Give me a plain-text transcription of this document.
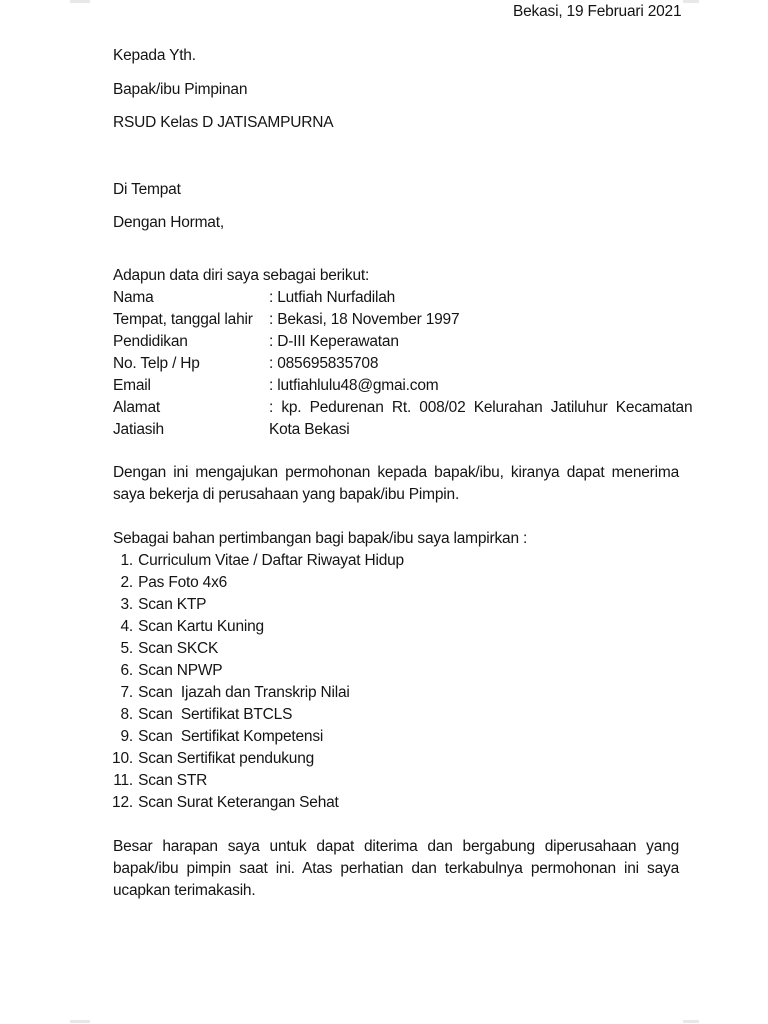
Bekasi, 19 Februari 2021
Kepada Yth.
Bapak/ibu Pimpinan
RSUD Kelas D JATISAMPURNA
Di Tempat
Dengan Hormat,
Adapun data diri saya sebagai berikut:
Nama	: Lutfiah Nurfadilah
Tempat, tanggal lahir : Bekasi, 18 November 1997
Pendidikan	: D-III Keperawatan
No. Telp / Hp	: 085695835708
Email	: lutfiahlulu48@gmai.com
Alamat	:  kp.  Pedurenan  Rt.  008/02  Kelurahan  Jatiluhur  Kecamatan
Jatiasih	Kota Bekasi
Dengan ini mengajukan permohonan kepada bapak/ibu, kiranya dapat menerima
saya bekerja di perusahaan yang bapak/ibu Pimpin.
Sebagai bahan pertimbangan bagi bapak/ibu saya lampirkan :
1. Curriculum Vitae / Daftar Riwayat Hidup
2. Pas Foto 4x6
3. Scan KTP
4. Scan Kartu Kuning
5. Scan SKCK
6. Scan NPWP
7. Scan  Ijazah dan Transkrip Nilai
8. Scan  Sertifikat BTCLS
9. Scan  Sertifikat Kompetensi
10. Scan Sertifikat pendukung
11. Scan STR
12. Scan Surat Keterangan Sehat
Besar harapan saya untuk dapat diterima dan bergabung diperusahaan yang
bapak/ibu pimpin saat ini. Atas perhatian dan terkabulnya permohonan ini saya
ucapkan terimakasih.
